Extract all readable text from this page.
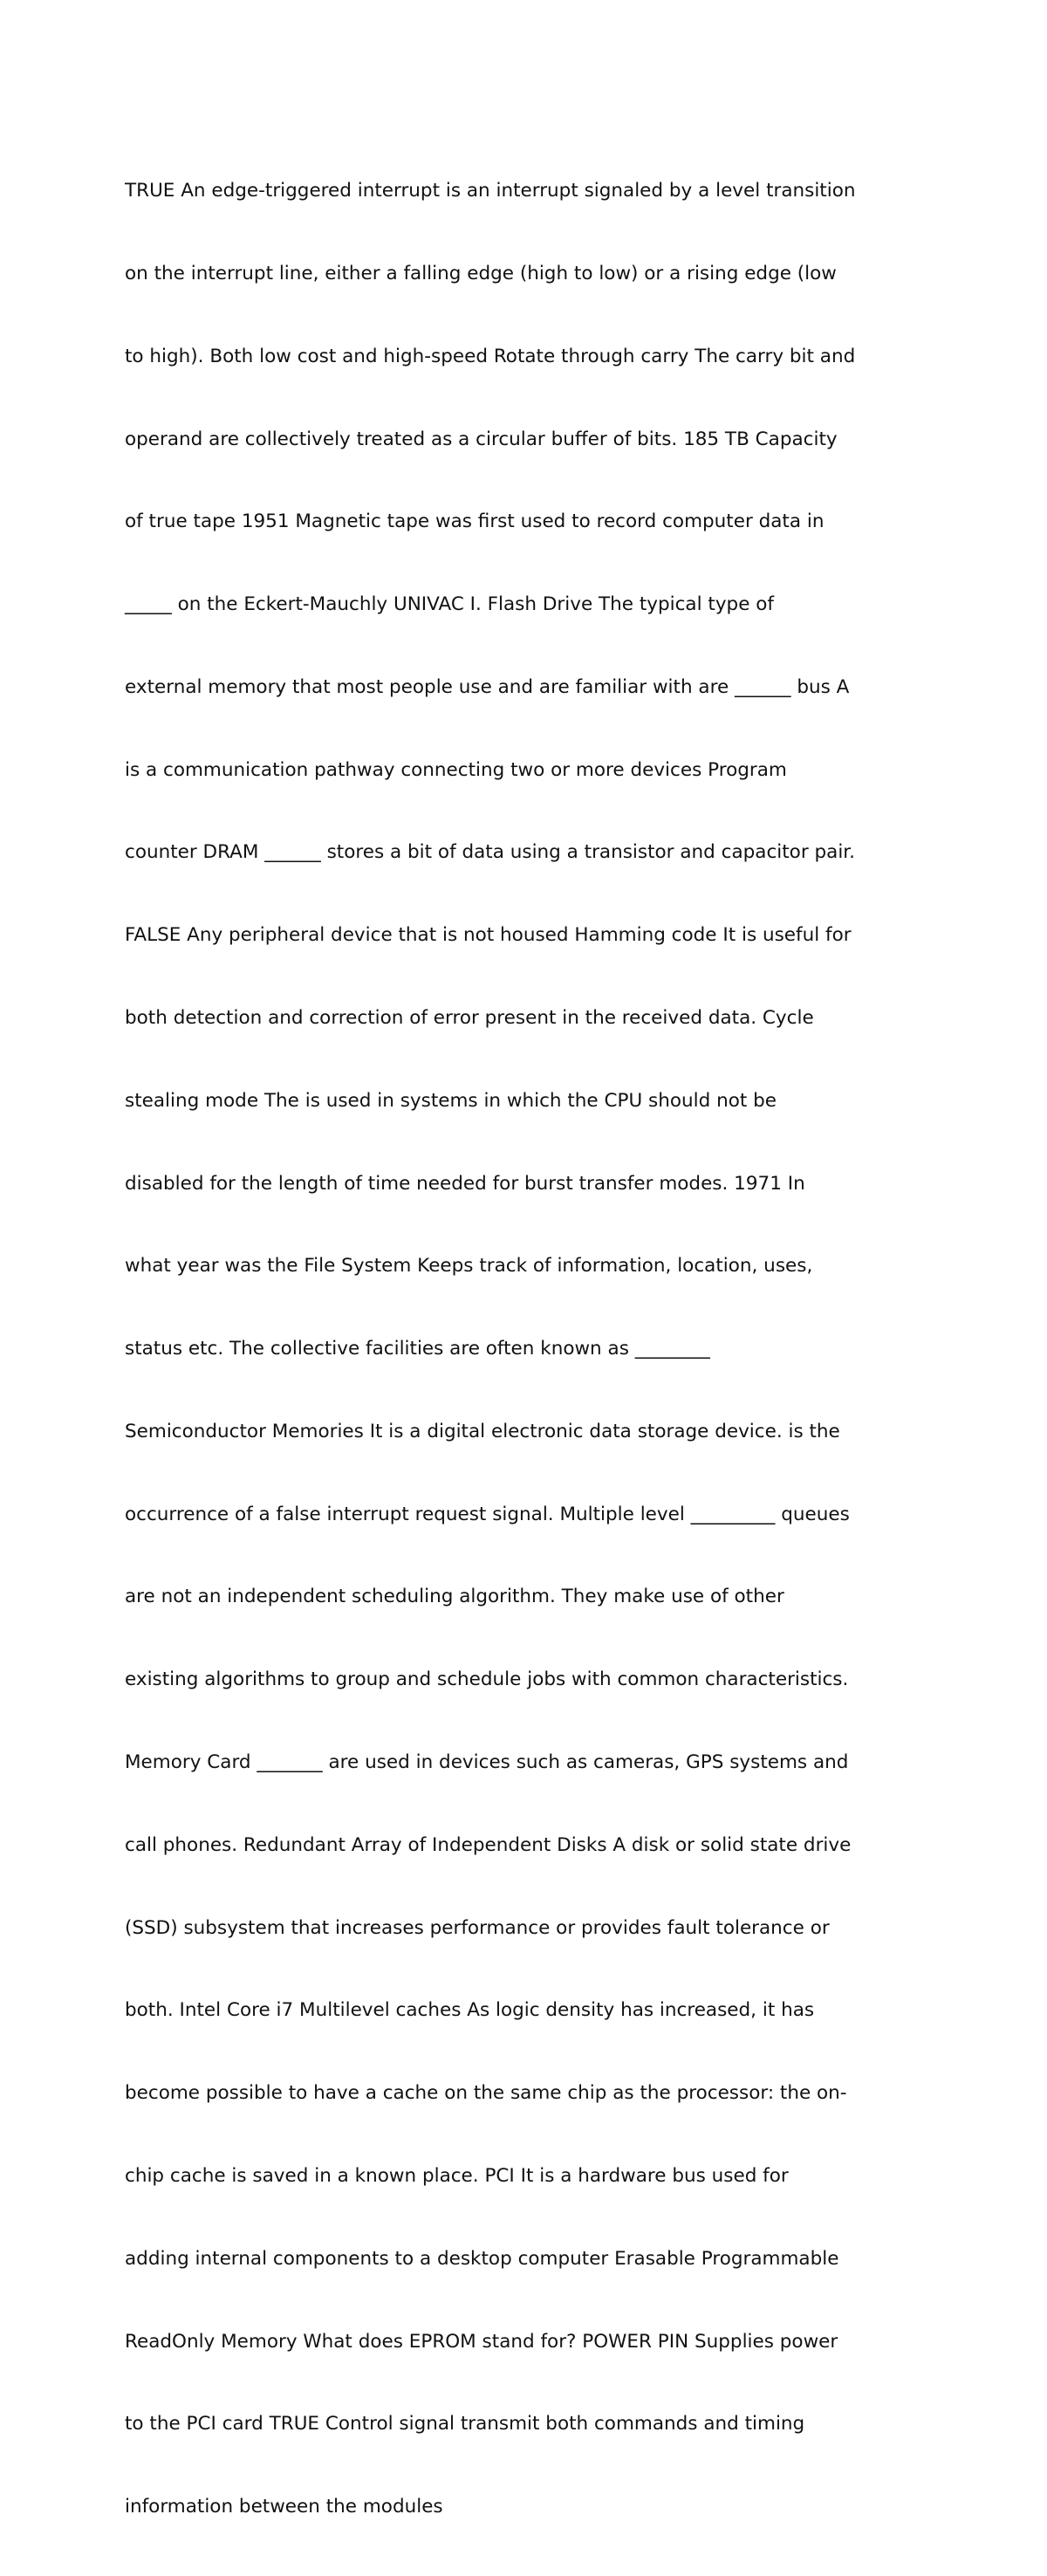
TRUE An edge-triggered interrupt is an interrupt signaled by a level transition

on the interrupt line, either a falling edge (high to low) or a rising edge (low

to high). Both low cost and high-speed Rotate through carry The carry bit and

operand are collectively treated as a circular buffer of bits. 185 TB Capacity

of true tape 1951 Magnetic tape was first used to record computer data in

_____ on the Eckert-Mauchly UNIVAC I. Flash Drive The typical type of

external memory that most people use and are familiar with are ______ bus A

is a communication pathway connecting two or more devices Program

counter DRAM ______ stores a bit of data using a transistor and capacitor pair.

FALSE Any peripheral device that is not housed Hamming code It is useful for

both detection and correction of error present in the received data. Cycle

stealing mode The is used in systems in which the CPU should not be

disabled for the length of time needed for burst transfer modes. 1971 In

what year was the File System Keeps track of information, location, uses,

status etc. The collective facilities are often known as ________

Semiconductor Memories It is a digital electronic data storage device. is the

occurrence of a false interrupt request signal. Multiple level _________ queues

are not an independent scheduling algorithm. They make use of other

existing algorithms to group and schedule jobs with common characteristics.

Memory Card _______ are used in devices such as cameras, GPS systems and

call phones. Redundant Array of Independent Disks A disk or solid state drive

(SSD) subsystem that increases performance or provides fault tolerance or

both. Intel Core i7 Multilevel caches As logic density has increased, it has

become possible to have a cache on the same chip as the processor: the on-

chip cache is saved in a known place. PCI It is a hardware bus used for

adding internal components to a desktop computer Erasable Programmable

ReadOnly Memory What does EPROM stand for? POWER PIN Supplies power

to the PCI card TRUE Control signal transmit both commands and timing

information between the modules
